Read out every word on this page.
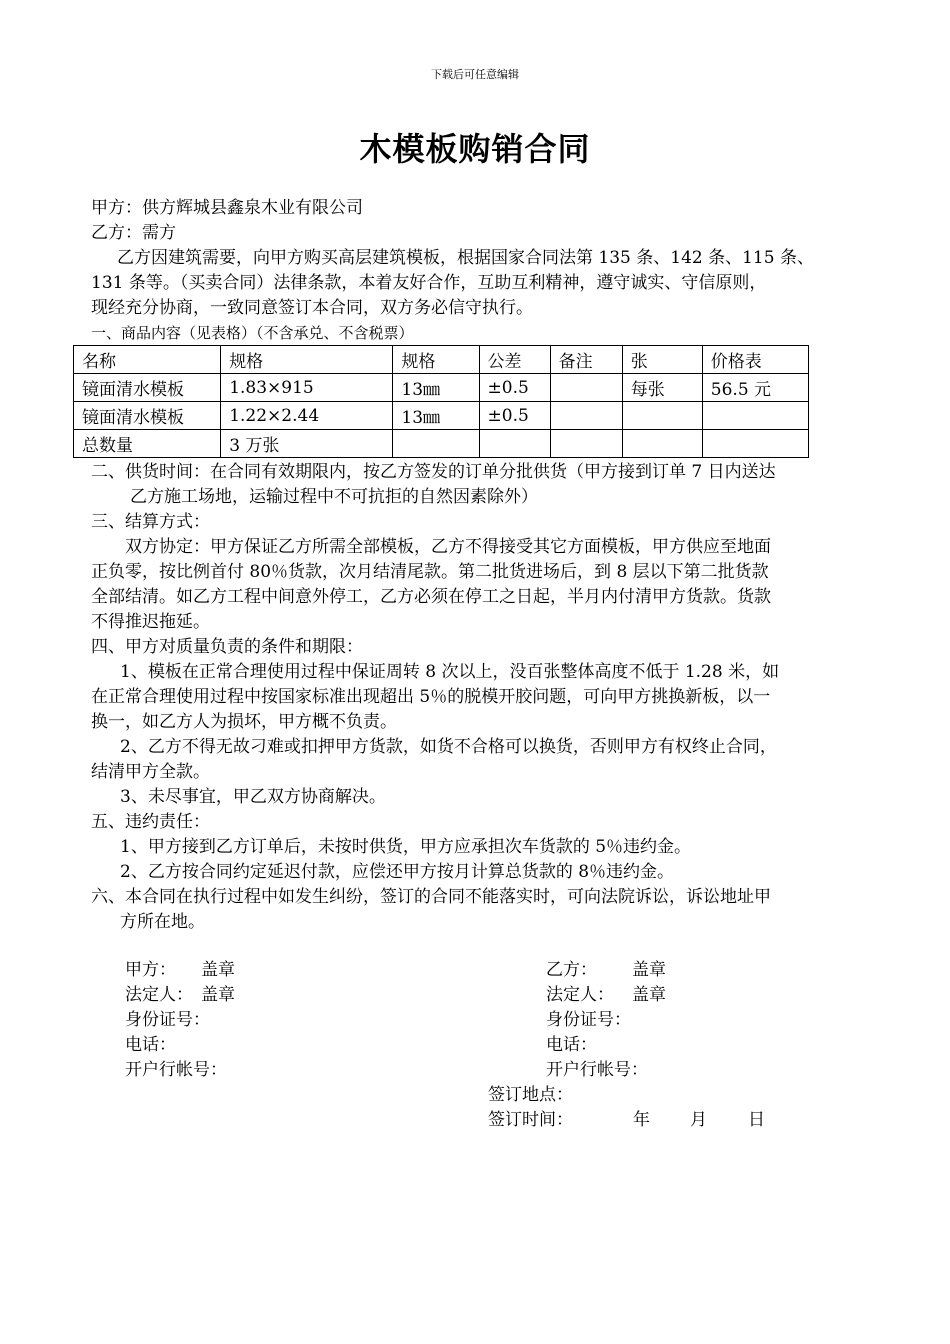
下载后可任意编辑
木模板购销合同
甲方：供方辉城县鑫泉木业有限公司
乙方：需方
乙方因建筑需要，向甲方购买高层建筑模板，根据国家合同法第 135 条、142 条、115 条、
131 条等。（买卖合同）法律条款，本着友好合作，互助互利精神，遵守诚实、守信原则，
现经充分协商，一致同意签订本合同，双方务必信守执行。
一、商品内容（见表格）（不含承兑、不含税票）
名称	规格	规格	公差	备注	张	价格表
镜面清水模板	1.83×915	13㎜	±0.5		每张	56.5 元
镜面清水模板	1.22×2.44	13㎜	±0.5			
总数量	3 万张					
二、供货时间：在合同有效期限内，按乙方签发的订单分批供货（甲方接到订单 7 日内送达
乙方施工场地，运输过程中不可抗拒的自然因素除外）
三、结算方式：
双方协定：甲方保证乙方所需全部模板，乙方不得接受其它方面模板，甲方供应至地面
正负零，按比例首付 80％货款，次月结清尾款。第二批货进场后，到 8 层以下第二批货款
全部结清。如乙方工程中间意外停工，乙方必须在停工之日起，半月内付清甲方货款。货款
不得推迟拖延。
四、甲方对质量负责的条件和期限：
1、模板在正常合理使用过程中保证周转 8 次以上，没百张整体高度不低于 1.28 米，如
在正常合理使用过程中按国家标准出现超出 5％的脱模开胶问题，可向甲方挑换新板，以一
换一，如乙方人为损坏，甲方概不负责。
2、乙方不得无故刁难或扣押甲方货款，如货不合格可以换货，否则甲方有权终止合同，
结清甲方全款。
3、未尽事宜，甲乙双方协商解决。
五、违约责任：
1、甲方接到乙方订单后，未按时供货，甲方应承担次车货款的 5％违约金。
2、乙方按合同约定延迟付款，应偿还甲方按月计算总货款的 8％违约金。
六、本合同在执行过程中如发生纠纷，签订的合同不能落实时，可向法院诉讼，诉讼地址甲
方所在地。
甲方： 盖章
法定人： 盖章
身份证号：
电话：
开户行帐号：
乙方： 盖章
法定人： 盖章
身份证号：
电话：
开户行帐号：
签订地点：
签订时间：	年 月 日
